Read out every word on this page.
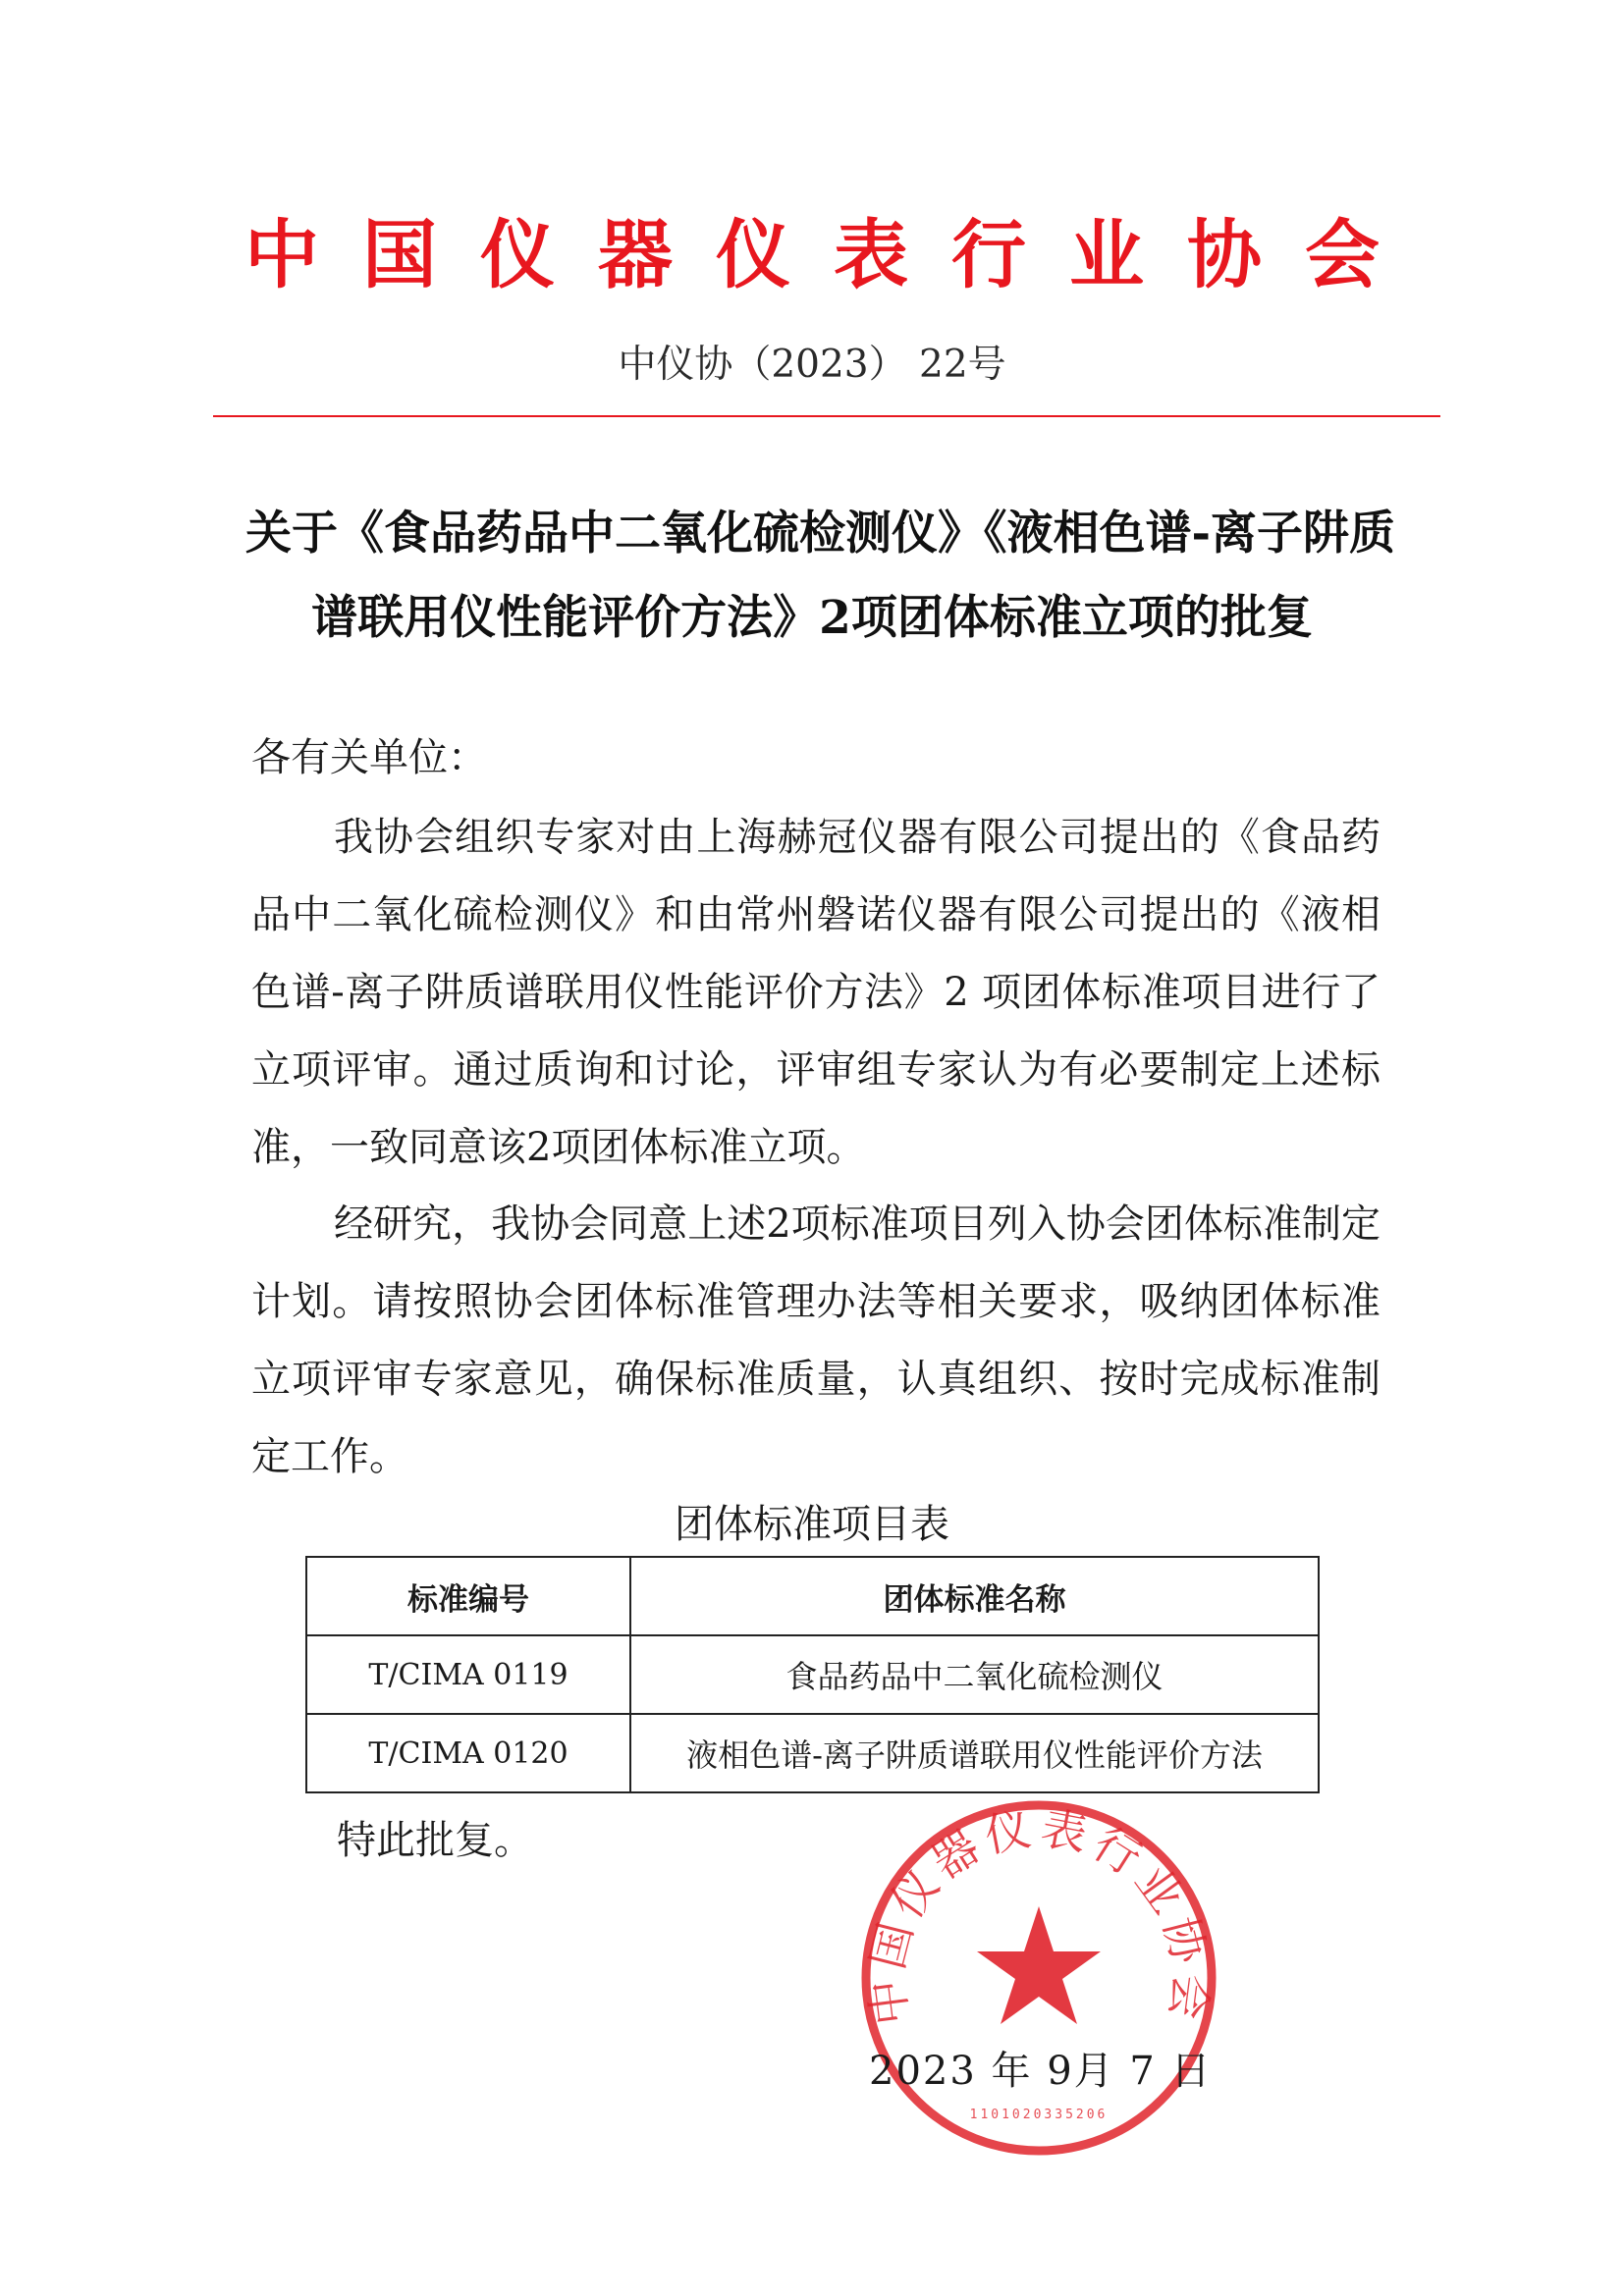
中国仪器仪表行业协会
中仪协（2023） 22号
关于《食品药品中二氧化硫检测仪》《液相色谱-离子阱质
谱联用仪性能评价方法》2项团体标准立项的批复
各有关单位：
我协会组织专家对由上海赫冠仪器有限公司提出的《食品药品中二氧化硫检测仪》和由常州磐诺仪器有限公司提出的《液相色谱-离子阱质谱联用仪性能评价方法》2 项团体标准项目进行了立项评审。通过质询和讨论，评审组专家认为有必要制定上述标准，一致同意该2项团体标准立项。
经研究，我协会同意上述2项标准项目列入协会团体标准制定计划。请按照协会团体标准管理办法等相关要求，吸纳团体标准立项评审专家意见，确保标准质量，认真组织、按时完成标准制定工作。
团体标准项目表
标准编号	团体标准名称
T/CIMA 0119	食品药品中二氧化硫检测仪
T/CIMA 0120	液相色谱-离子阱质谱联用仪性能评价方法
特此批复。
中国仪器仪表行业协会
1101020335206
2023 年 9月 7 日
